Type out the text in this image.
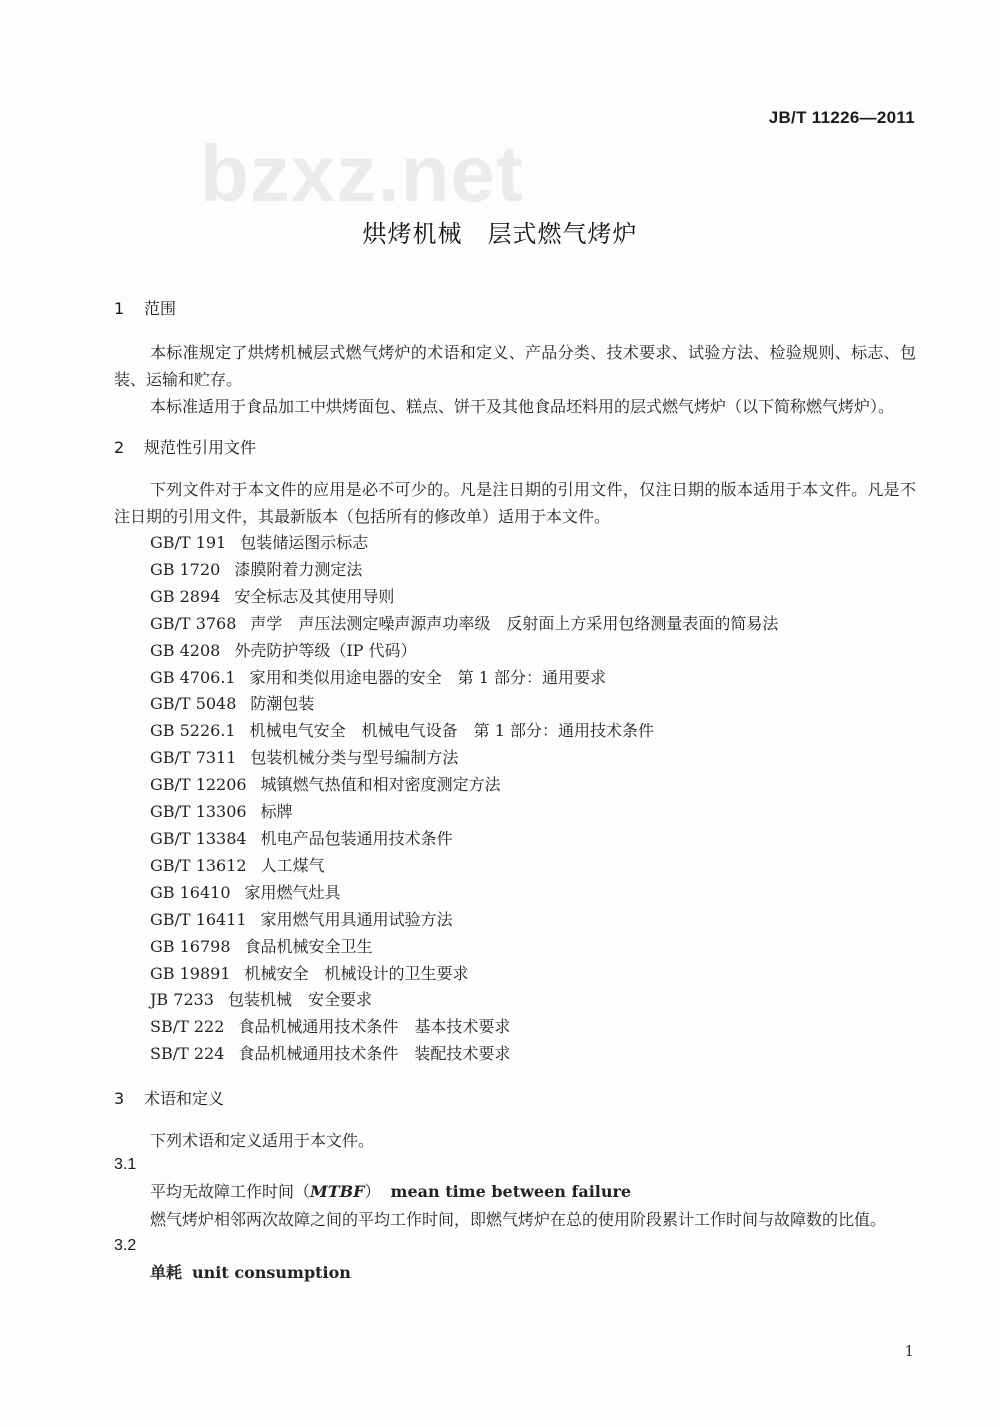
JB/T 11226—2011
bzxz.net
烘烤机械　层式燃气烤炉

1 范围

本标准规定了烘烤机械层式燃气烤炉的术语和定义、产品分类、技术要求、试验方法、检验规则、标志、包装、运输和贮存。

本标准适用于食品加工中烘烤面包、糕点、饼干及其他食品坯料用的层式燃气烤炉（以下简称燃气烤炉）。

2 规范性引用文件

下列文件对于本文件的应用是必不可少的。凡是注日期的引用文件，仅注日期的版本适用于本文件。凡是不注日期的引用文件，其最新版本（包括所有的修改单）适用于本文件。

GB/T 191 包装储运图示标志
GB 1720 漆膜附着力测定法
GB 2894 安全标志及其使用导则
GB/T 3768 声学　声压法测定噪声源声功率级　反射面上方采用包络测量表面的简易法
GB 4208 外壳防护等级（IP 代码）
GB 4706.1 家用和类似用途电器的安全　第 1 部分：通用要求
GB/T 5048 防潮包装
GB 5226.1 机械电气安全　机械电气设备　第 1 部分：通用技术条件
GB/T 7311 包装机械分类与型号编制方法
GB/T 12206 城镇燃气热值和相对密度测定方法
GB/T 13306 标牌
GB/T 13384 机电产品包装通用技术条件
GB/T 13612 人工煤气
GB 16410 家用燃气灶具
GB/T 16411 家用燃气用具通用试验方法
GB 16798 食品机械安全卫生
GB 19891 机械安全　机械设计的卫生要求
JB 7233 包装机械　安全要求
SB/T 222 食品机械通用技术条件　基本技术要求
SB/T 224 食品机械通用技术条件　装配技术要求

3 术语和定义

下列术语和定义适用于本文件。

3.1

平均无故障工作时间（MTBF） mean time between failure

燃气烤炉相邻两次故障之间的平均工作时间，即燃气烤炉在总的使用阶段累计工作时间与故障数的比值。

3.2

单耗 unit consumption

1
